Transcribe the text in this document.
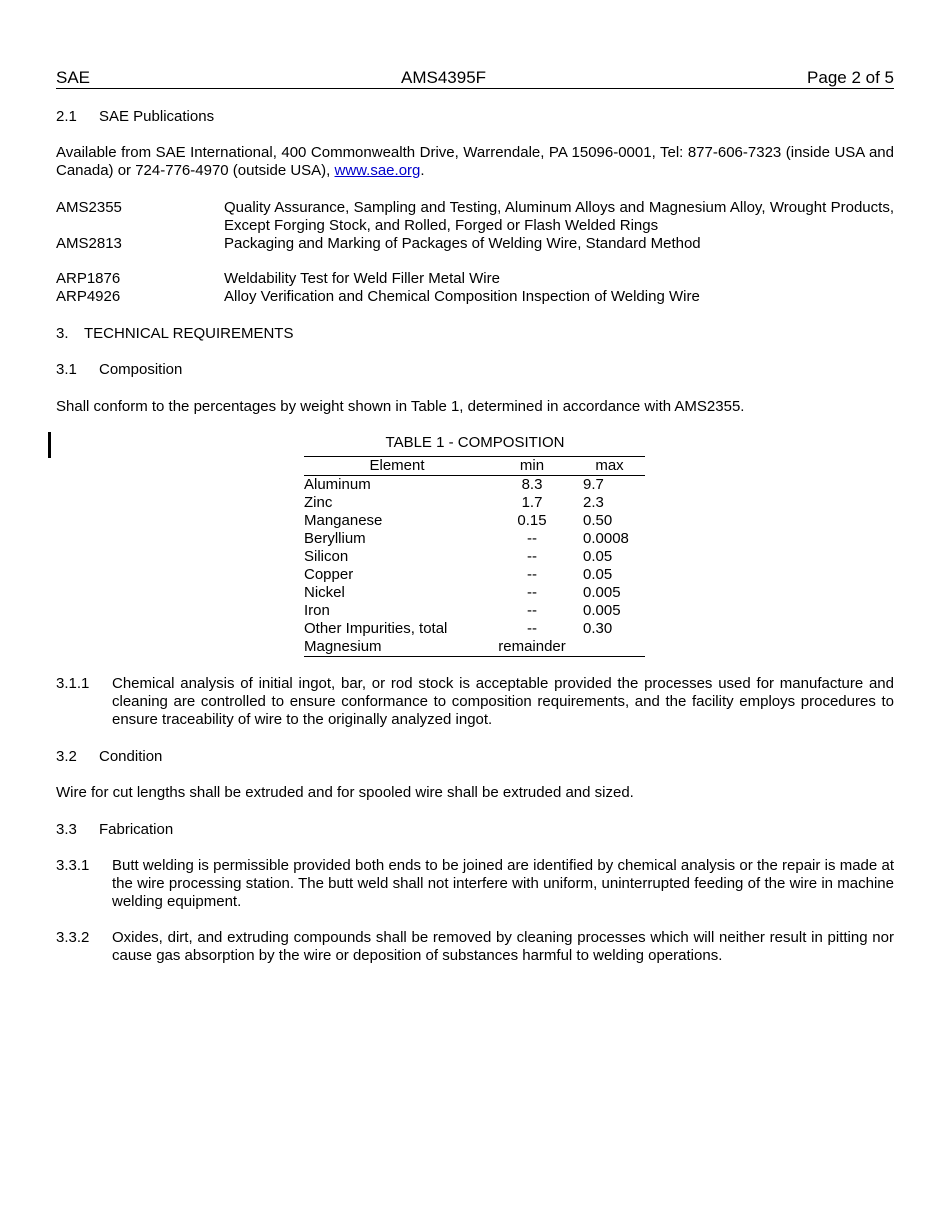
SAE	AMS4395F	Page 2 of 5
2.1 SAE Publications
Available from SAE International, 400 Commonwealth Drive, Warrendale, PA 15096-0001, Tel: 877-606-7323 (inside USA and Canada) or 724-776-4970 (outside USA), www.sae.org.
AMS2355	Quality Assurance, Sampling and Testing, Aluminum Alloys and Magnesium Alloy, Wrought Products, Except Forging Stock, and Rolled, Forged or Flash Welded Rings
AMS2813	Packaging and Marking of Packages of Welding Wire, Standard Method
ARP1876	Weldability Test for Weld Filler Metal Wire
ARP4926	Alloy Verification and Chemical Composition Inspection of Welding Wire
3. TECHNICAL REQUIREMENTS
3.1 Composition
Shall conform to the percentages by weight shown in Table 1, determined in accordance with AMS2355.
TABLE 1 - COMPOSITION
Element	min	max
Aluminum	8.3	9.7
Zinc	1.7	2.3
Manganese	0.15	0.50
Beryllium	--	0.0008
Silicon	--	0.05
Copper	--	0.05
Nickel	--	0.005
Iron	--	0.005
Other Impurities, total	--	0.30
Magnesium	remainder
3.1.1 Chemical analysis of initial ingot, bar, or rod stock is acceptable provided the processes used for manufacture and cleaning are controlled to ensure conformance to composition requirements, and the facility employs procedures to ensure traceability of wire to the originally analyzed ingot.
3.2 Condition
Wire for cut lengths shall be extruded and for spooled wire shall be extruded and sized.
3.3 Fabrication
3.3.1 Butt welding is permissible provided both ends to be joined are identified by chemical analysis or the repair is made at the wire processing station. The butt weld shall not interfere with uniform, uninterrupted feeding of the wire in machine welding equipment.
3.3.2 Oxides, dirt, and extruding compounds shall be removed by cleaning processes which will neither result in pitting nor cause gas absorption by the wire or deposition of substances harmful to welding operations.
